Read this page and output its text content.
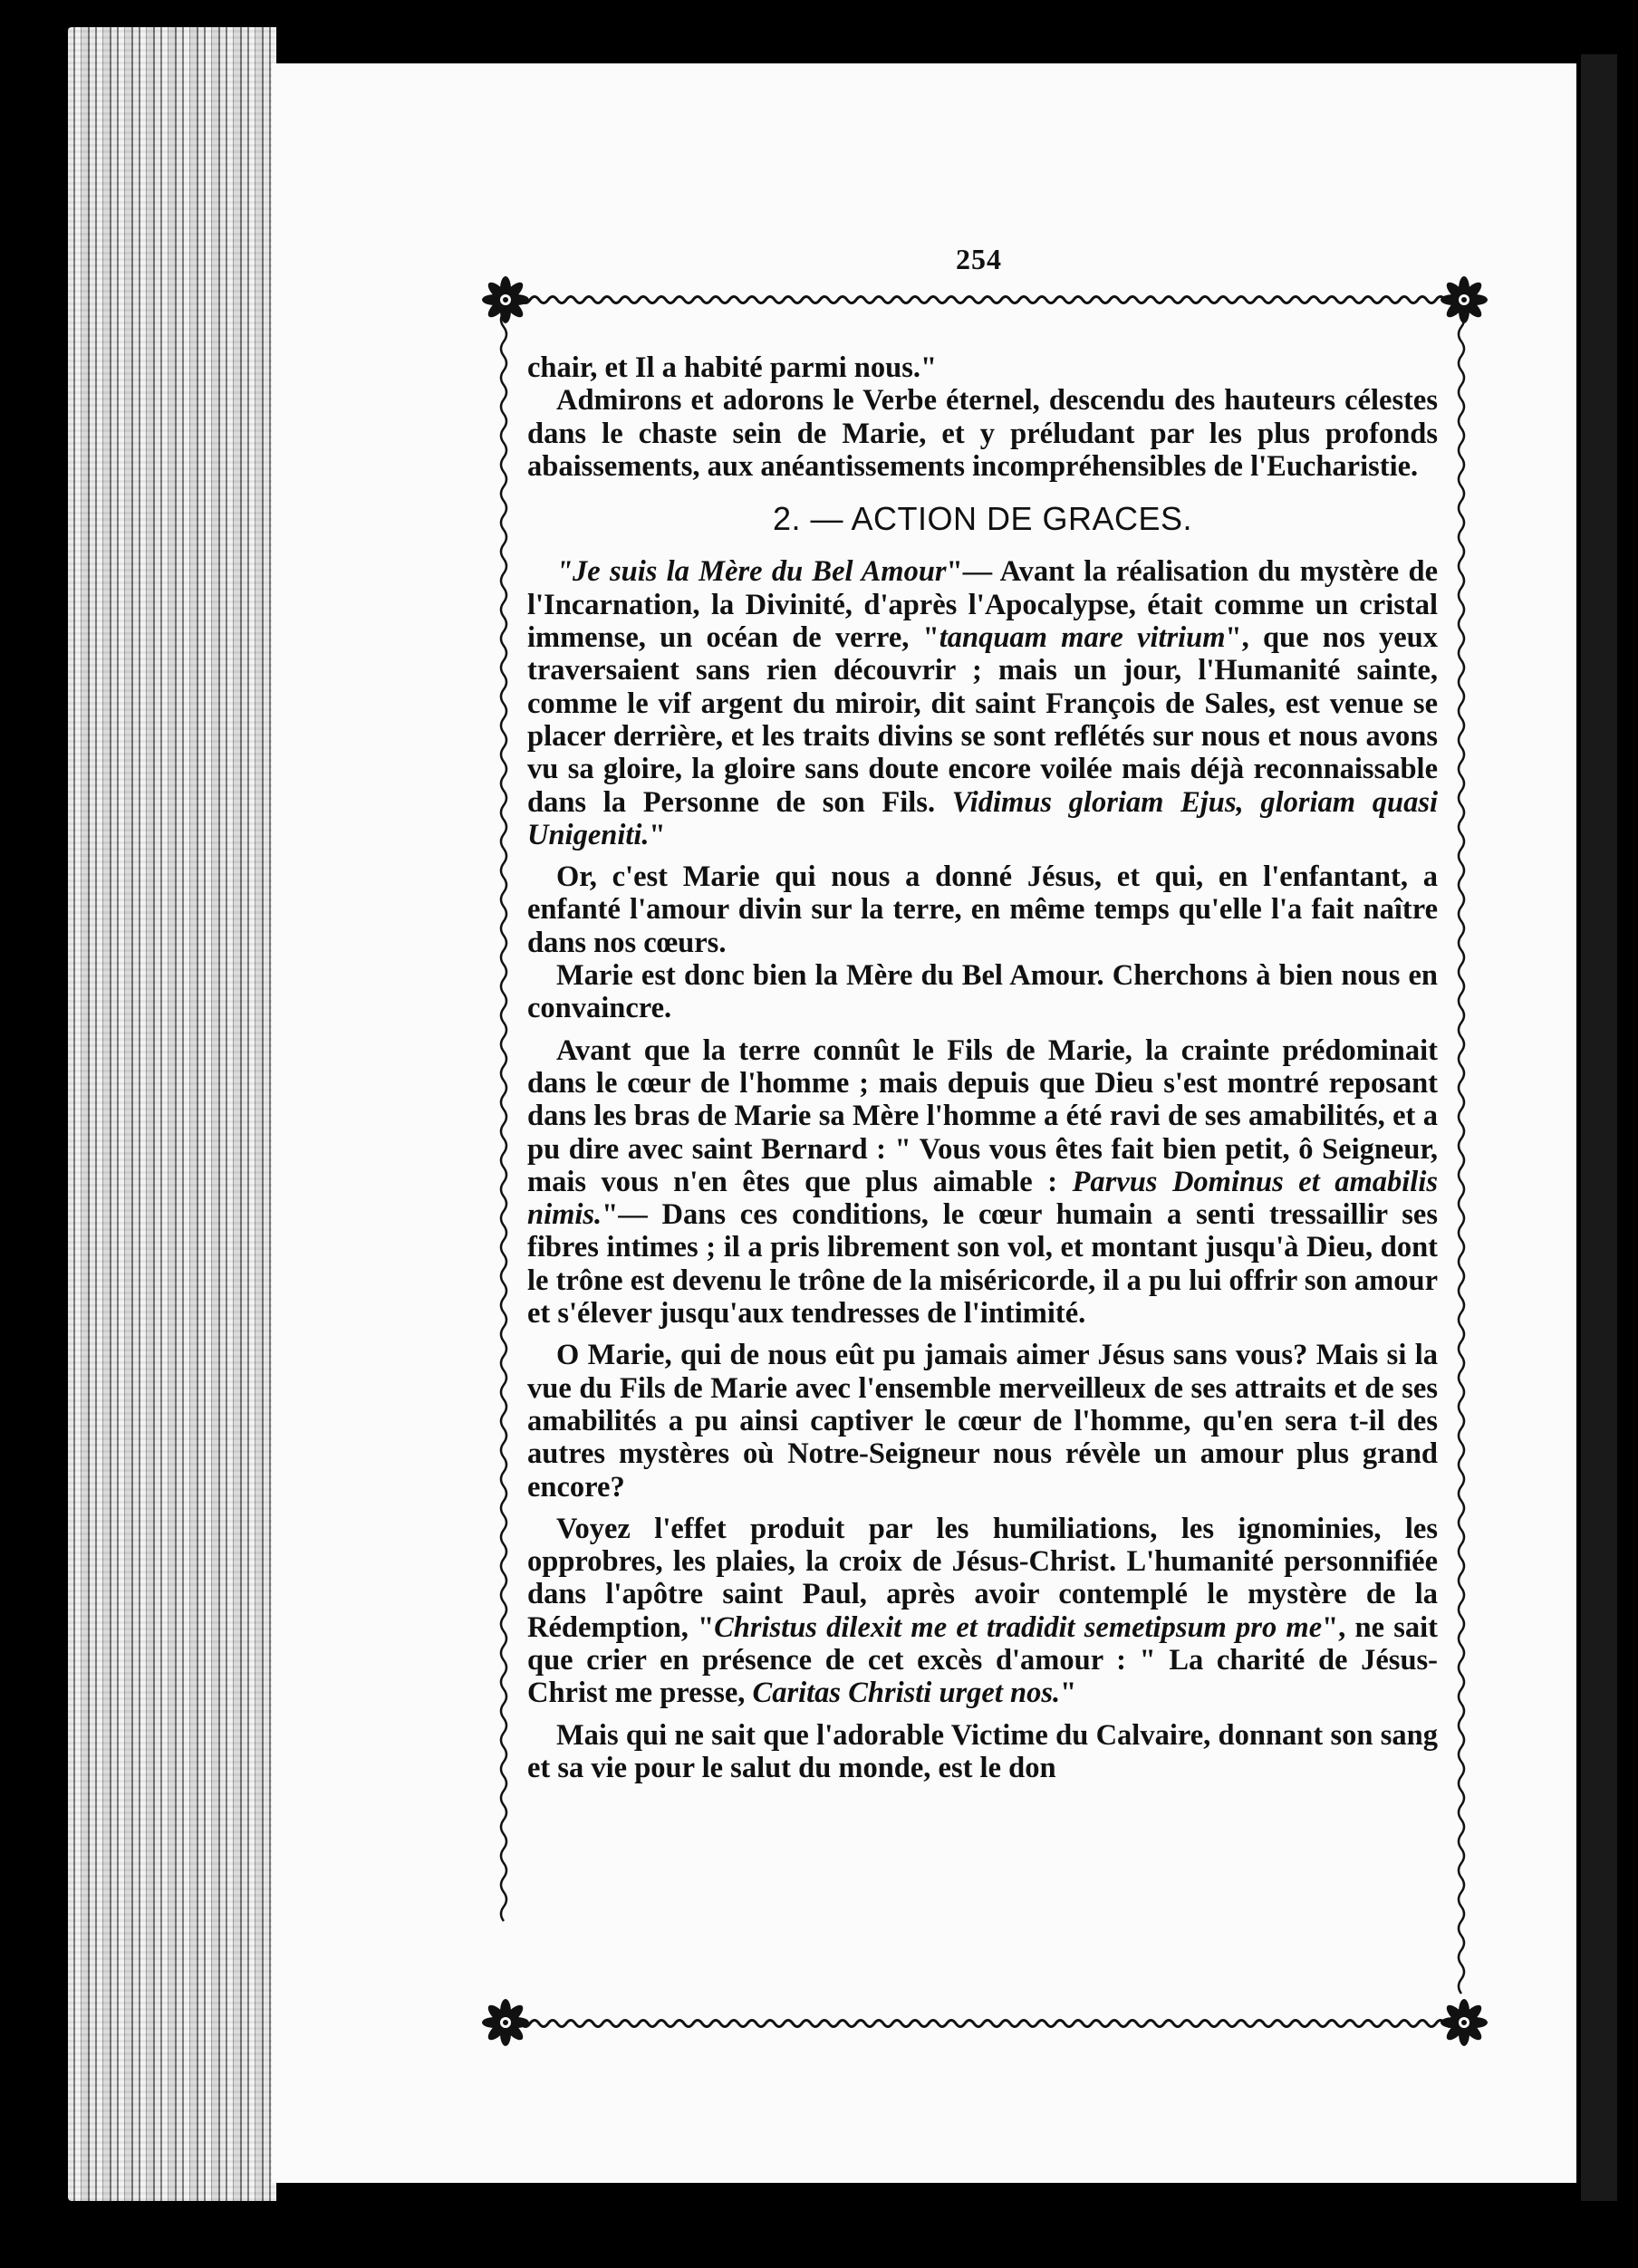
254

chair, et Il a habité parmi nous."

Admirons et adorons le Verbe éternel, descendu des hauteurs célestes dans le chaste sein de Marie, et y préludant par les plus profonds abaissements, aux anéantissements incompréhensibles de l'Eucharistie.

2. — ACTION DE GRACES.

"Je suis la Mère du Bel Amour"— Avant la réalisation du mystère de l'Incarnation, la Divinité, d'après l'Apocalypse, était comme un cristal immense, un océan de verre, "tanquam mare vitrium", que nos yeux traversaient sans rien découvrir ; mais un jour, l'Humanité sainte, comme le vif argent du miroir, dit saint François de Sales, est venue se placer derrière, et les traits divins se sont reflétés sur nous et nous avons vu sa gloire, la gloire sans doute encore voilée mais déjà reconnaissable dans la Personne de son Fils. Vidimus gloriam Ejus, gloriam quasi Unigeniti."

Or, c'est Marie qui nous a donné Jésus, et qui, en l'enfantant, a enfanté l'amour divin sur la terre, en même temps qu'elle l'a fait naître dans nos cœurs.

Marie est donc bien la Mère du Bel Amour. Cherchons à bien nous en convaincre.

Avant que la terre connût le Fils de Marie, la crainte prédominait dans le cœur de l'homme ; mais depuis que Dieu s'est montré reposant dans les bras de Marie sa Mère l'homme a été ravi de ses amabilités, et a pu dire avec saint Bernard : " Vous vous êtes fait bien petit, ô Seigneur, mais vous n'en êtes que plus aimable : Parvus Dominus et amabilis nimis."— Dans ces conditions, le cœur humain a senti tressaillir ses fibres intimes ; il a pris librement son vol, et montant jusqu'à Dieu, dont le trône est devenu le trône de la miséricorde, il a pu lui offrir son amour et s'élever jusqu'aux tendresses de l'intimité.

O Marie, qui de nous eût pu jamais aimer Jésus sans vous? Mais si la vue du Fils de Marie avec l'ensemble merveilleux de ses attraits et de ses amabilités a pu ainsi captiver le cœur de l'homme, qu'en sera t-il des autres mystères où Notre-Seigneur nous révèle un amour plus grand encore?

Voyez l'effet produit par les humiliations, les ignominies, les opprobres, les plaies, la croix de Jésus-Christ. L'humanité personnifiée dans l'apôtre saint Paul, après avoir contemplé le mystère de la Rédemption, "Christus dilexit me et tradidit semetipsum pro me", ne sait que crier en présence de cet excès d'amour : " La charité de Jésus-Christ me presse, Caritas Christi urget nos."

Mais qui ne sait que l'adorable Victime du Calvaire, donnant son sang et sa vie pour le salut du monde, est le don
